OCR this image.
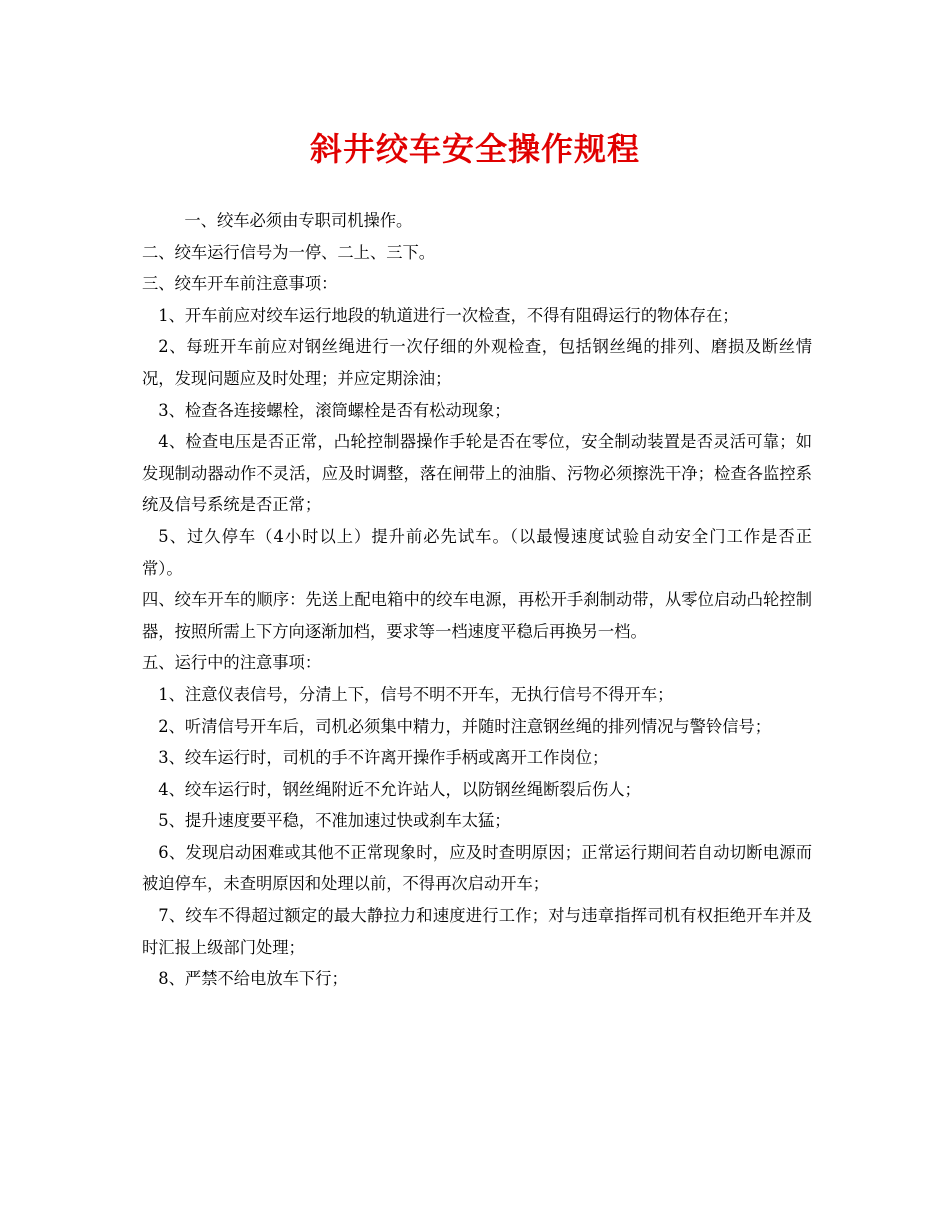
斜井绞车安全操作规程

一、绞车必须由专职司机操作。

二、绞车运行信号为一停、二上、三下。

三、绞车开车前注意事项：

1、开车前应对绞车运行地段的轨道进行一次检查，不得有阻碍运行的物体存在；

2、每班开车前应对钢丝绳进行一次仔细的外观检查，包括钢丝绳的排列、磨损及断丝情况，发现问题应及时处理；并应定期涂油；

3、检查各连接螺栓，滚筒螺栓是否有松动现象；

4、检查电压是否正常，凸轮控制器操作手轮是否在零位，安全制动装置是否灵活可靠；如发现制动器动作不灵活，应及时调整，落在闸带上的油脂、污物必须擦洗干净；检查各监控系统及信号系统是否正常；

5、过久停车（4小时以上）提升前必先试车。（以最慢速度试验自动安全门工作是否正常）。

四、绞车开车的顺序：先送上配电箱中的绞车电源，再松开手刹制动带，从零位启动凸轮控制器，按照所需上下方向逐渐加档，要求等一档速度平稳后再换另一档。

五、运行中的注意事项：

1、注意仪表信号，分清上下，信号不明不开车，无执行信号不得开车；

2、听清信号开车后，司机必须集中精力，并随时注意钢丝绳的排列情况与警铃信号；

3、绞车运行时，司机的手不许离开操作手柄或离开工作岗位；

4、绞车运行时，钢丝绳附近不允许站人，以防钢丝绳断裂后伤人；

5、提升速度要平稳，不准加速过快或刹车太猛；

6、发现启动困难或其他不正常现象时，应及时查明原因；正常运行期间若自动切断电源而被迫停车，未查明原因和处理以前，不得再次启动开车；

7、绞车不得超过额定的最大静拉力和速度进行工作；对与违章指挥司机有权拒绝开车并及时汇报上级部门处理；

8、严禁不给电放车下行；
